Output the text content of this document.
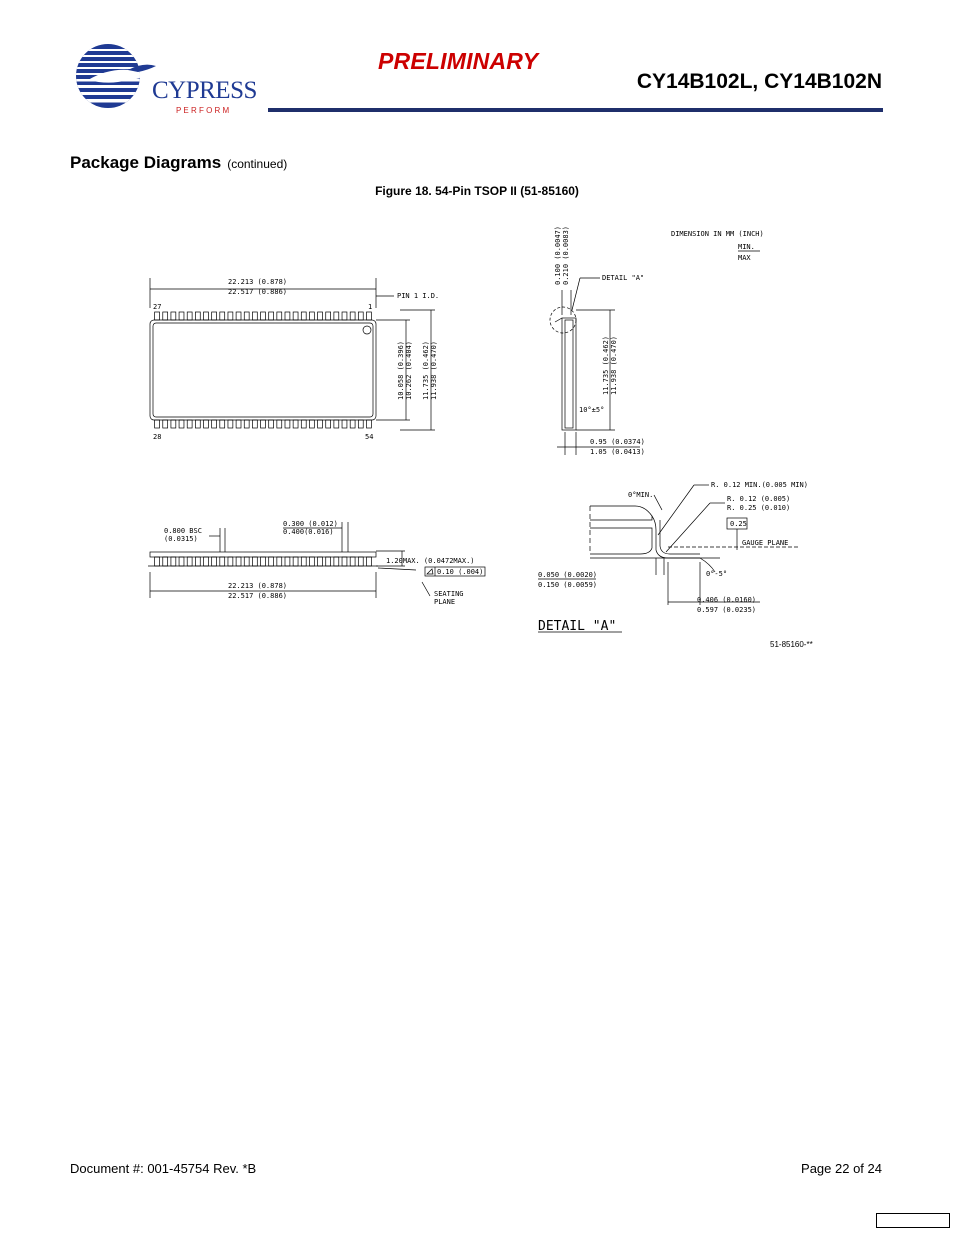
CYPRESS
P E R F O R M
PRELIMINARY
CY14B102L, CY14B102N
Package Diagrams (continued)
Figure 18. 54-Pin TSOP II (51-85160)
22.213 (0.878)
22.517 (0.886)	PIN 1 I.D.
27	1
28	54
10.058 (0.396) 10.262 (0.404) 11.735 (0.462) 11.938 (0.470)
DIMENSION IN MM (INCH)
MIN.
MAX
0.100 (0.0047) 0.210 (0.0083)	DETAIL "A"
11.735 (0.462) 11.938 (0.470)
10°±5°
0.95 (0.0374)
1.05 (0.0413)
0.800 BSC
(0.0315)
0.300 (0.012)
0.400(0.016)
1.20MAX. (0.0472MAX.)
0.10 (.004)
SEATING
PLANE
22.213 (0.878)
22.517 (0.886)
0°MIN.
R. 0.12 MIN.(0.005 MIN)
R. 0.12 (0.005)
R. 0.25 (0.010)
0.25
GAUGE PLANE
0.050 (0.0020)
0.150 (0.0059)
0°-5°
0.406 (0.0160)
0.597 (0.0235)
DETAIL "A"
51-85160-**
Document #: 001-45754 Rev. *B	Page 22 of 24
